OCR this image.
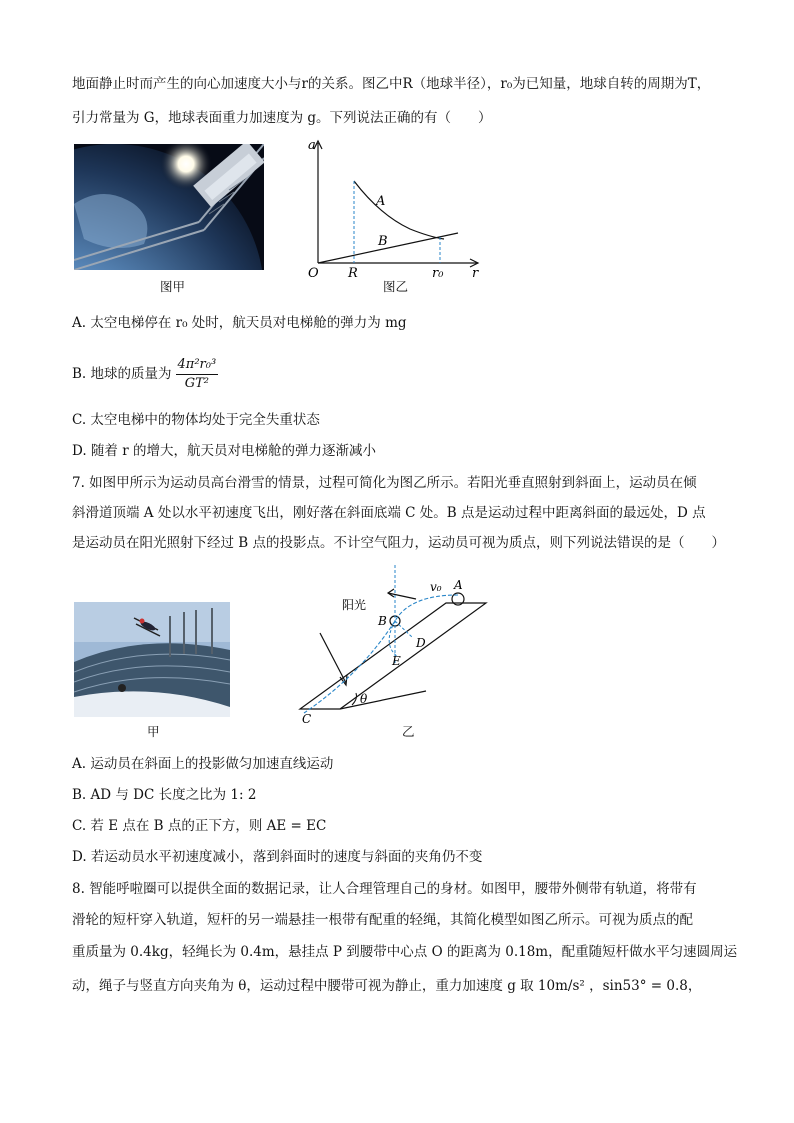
地面静止时而产生的向心加速度大小与r的关系。图乙中R（地球半径），r₀为已知量，地球自转的周期为T，
引力常量为 G，地球表面重力加速度为 g。下列说法正确的有（　　）
图甲
a
r
O R	r₀
A
B
图乙
A. 太空电梯停在 r₀ 处时，航天员对电梯舱的弹力为 mg
B. 地球的质量为 $\frac{\text{4π²r₀³}}{\text{GT²}}$
C. 太空电梯中的物体均处于完全失重状态
D. 随着 r 的增大，航天员对电梯舱的弹力逐渐减小
7. 如图甲所示为运动员高台滑雪的情景，过程可简化为图乙所示。若阳光垂直照射到斜面上，运动员在倾
斜滑道顶端 A 处以水平初速度飞出，刚好落在斜面底端 C 处。B 点是运动过程中距离斜面的最远处，D 点
是运动员在阳光照射下经过 B 点的投影点。不计空气阻力，运动员可视为质点，则下列说法错误的是（　　）
甲
阳光
v₀ A
B
D
E
C
θ
乙
A. 运动员在斜面上的投影做匀加速直线运动
B. AD 与 DC 长度之比为 1: 2
C. 若 E 点在 B 点的正下方，则 AE = EC
D. 若运动员水平初速度减小，落到斜面时的速度与斜面的夹角仍不变
8. 智能呼啦圈可以提供全面的数据记录，让人合理管理自己的身材。如图甲，腰带外侧带有轨道，将带有
滑轮的短杆穿入轨道，短杆的另一端悬挂一根带有配重的轻绳，其简化模型如图乙所示。可视为质点的配
重质量为 0.4kg，轻绳长为 0.4m，悬挂点 P 到腰带中心点 O 的距离为 0.18m，配重随短杆做水平匀速圆周运
动，绳子与竖直方向夹角为 θ，运动过程中腰带可视为静止，重力加速度 g 取 10m/s² ，sin53° = 0.8，
